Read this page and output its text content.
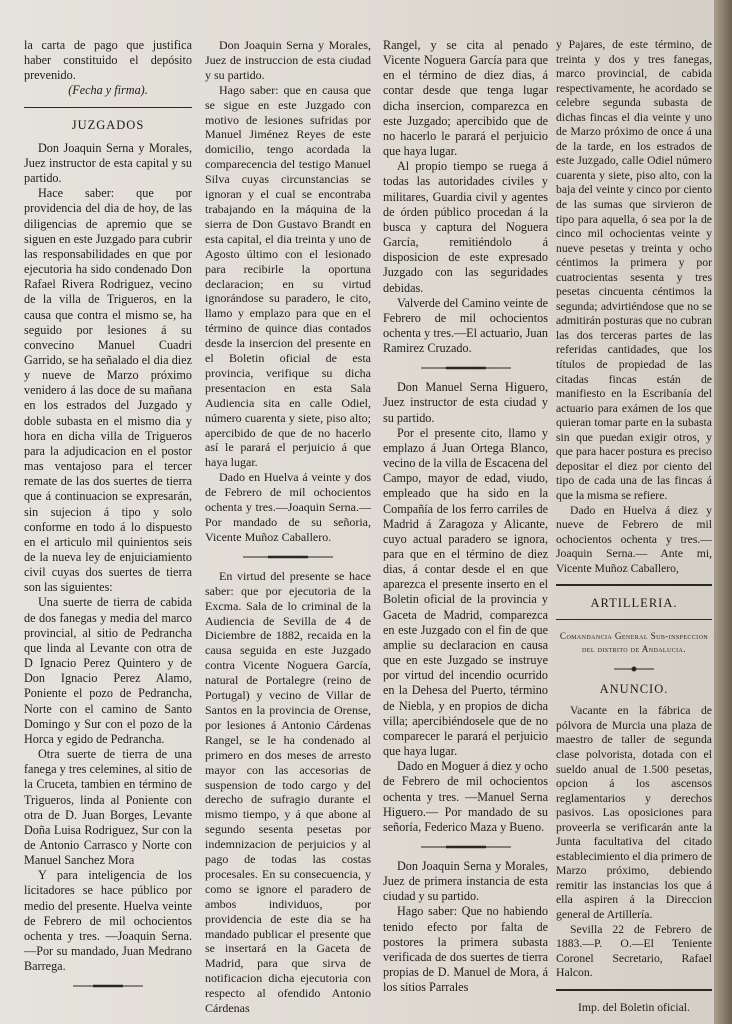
la carta de pago que justifica haber constituido el depósito prevenido.

(Fecha y firma).

JUZGADOS

Don Joaquin Serna y Morales, Juez instructor de esta capital y su partido.

Hace saber: que por providencia del dia de hoy, de las diligencias de apremio que se siguen en este Juzgado para cubrir las responsabilidades en que por ejecutoria ha sido condenado Don Rafael Rivera Rodriguez, vecino de la villa de Trigueros, en la causa que contra el mismo se, ha seguido por lesiones á su convecino Manuel Cuadri Garrido, se ha señalado el dia diez y nueve de Marzo próximo venidero á las doce de su mañana en los estrados del Juzgado y doble subasta en el mismo dia y hora en dicha villa de Trigueros para la adjudicacion en el postor mas ventajoso para el tercer remate de las dos suertes de tierra que á continuacion se expresarán, sin sujecion á tipo y solo conforme en todo á lo dispuesto en el articulo mil quinientos seis de la nueva ley de enjuiciamiento civil cuyas dos suertes de tierra son las siguientes:

Una suerte de tierra de cabida de dos fanegas y media del marco provincial, al sitio de Pedrancha que linda al Levante con otra de D Ignacio Perez Quintero y de Don Ignacio Perez Alamo, Poniente el pozo de Pedrancha, Norte con el camino de Santo Domingo y Sur con el pozo de la Horca y egido de Pedrancha.

Otra suerte de tierra de una fanega y tres celemines, al sitio de la Cruceta, tambien en término de Trigueros, linda al Poniente con otra de D. Juan Borges, Levante Doña Luisa Rodriguez, Sur con la de Antonio Carrasco y Norte con Manuel Sanchez Mora

Y para inteligencia de los licitadores se hace público por medio del presente. Huelva veinte de Febrero de mil ochocientos ochenta y tres. —Joaquin Serna.—Por su mandado, Juan Medrano Barrega.

Don Joaquin Serna y Morales, Juez de instruccion de esta ciudad y su partido.

Hago saber: que en causa que se sigue en este Juzgado con motivo de lesiones sufridas por Manuel Jiménez Reyes de este domicilio, tengo acordada la comparecencia del testigo Manuel Silva cuyas circunstancias se ignoran y el cual se encontraba trabajando en la máquina de la sierra de Don Gustavo Brandt en esta capital, el dia treinta y uno de Agosto último con el lesionado para recibirle la oportuna declaracion; en su virtud ignorándose su paradero, le cito, llamo y emplazo para que en el término de quince dias contados desde la insercion del presente en el Boletin oficial de esta provincia, verifique su dicha presentacion en esta Sala Audiencia sita en calle Odiel, número cuarenta y siete, piso alto; apercibido de que de no hacerlo así le parará el perjuicio á que haya lugar.

Dado en Huelva á veinte y dos de Febrero de mil ochocientos ochenta y tres.—Joaquin Serna.—Por mandado de su señoria, Vicente Muñoz Caballero.

En virtud del presente se hace saber: que por ejecutoria de la Excma. Sala de lo criminal de la Audiencia de Sevilla de 4 de Diciembre de 1882, recaida en la causa seguida en este Juzgado contra Vicente Noguera García, natural de Portalegre (reino de Portugal) y vecino de Villar de Santos en la provincia de Orense, por lesiones á Antonio Cárdenas Rangel, se le ha condenado al primero en dos meses de arresto mayor con las accesorias de suspension de todo cargo y del derecho de sufragio durante el mismo tiempo, y á que abone al segundo sesenta pesetas por indemnizacion de perjuicios y al pago de todas las costas procesales. En su consecuencia, y como se ignore el paradero de ambos individuos, por providencia de este dia se ha mandado publicar el presente que se insertará en la Gaceta de Madrid, para que sirva de notificacion dicha ejecutoria con respecto al ofendido Antonio Cárdenas

Rangel, y se cita al penado Vicente Noguera García para que en el término de diez dias, á contar desde que tenga lugar dicha insercion, comparezca en este Juzgado; apercibido que de no hacerlo le parará el perjuicio que haya lugar.

Al propio tiempo se ruega á todas las autoridades civiles y militares, Guardia civil y agentes de órden público procedan á la busca y captura del Noguera García, remitiéndolo á disposicion de este expresado Juzgado con las seguridades debidas.

Valverde del Camino veinte de Febrero de mil ochocientos ochenta y tres.—El actuario, Juan Ramirez Cruzado.

Don Manuel Serna Higuero, Juez instructor de esta ciudad y su partido.

Por el presente cito, llamo y emplazo á Juan Ortega Blanco, vecino de la villa de Escacena del Campo, mayor de edad, viudo, empleado que ha sido en la Compañía de los ferro carriles de Madrid á Zaragoza y Alicante, cuyo actual paradero se ignora, para que en el término de diez dias, á contar desde el en que aparezca el presente inserto en el Boletin oficial de la provincia y Gaceta de Madrid, comparezca en este Juzgado con el fin de que amplie su declaracion en causa que en este Juzgado se instruye por virtud del incendio ocurrido en la Dehesa del Puerto, término de Niebla, y en propios de dicha villa; apercibiéndosele que de no comparecer le parará el perjuicio que haya lugar.

Dado en Moguer á diez y ocho de Febrero de mil ochocientos ochenta y tres. —Manuel Serna Higuero.— Por mandado de su señoría, Federico Maza y Bueno.

Don Joaquin Serna y Morales, Juez de primera instancia de esta ciudad y su partido.

Hago saber: Que no habiendo tenido efecto por falta de postores la primera subasta verificada de dos suertes de tierra propias de D. Manuel de Mora, á los sitios Parrales

y Pajares, de este término, de treinta y dos y tres fanegas, marco provincial, de cabida respectivamente, he acordado se celebre segunda subasta de dichas fincas el dia veinte y uno de Marzo próximo de once á una de la tarde, en los estrados de este Juzgado, calle Odiel número cuarenta y siete, piso alto, con la baja del veinte y cinco por ciento de las sumas que sirvieron de tipo para aquella, ó sea por la de cinco mil ochocientas veinte y nueve pesetas y treinta y ocho céntimos la primera y por cuatrocientas sesenta y tres pesetas cincuenta céntimos la segunda; advirtiéndose que no se admitirán posturas que no cubran las dos terceras partes de las referidas cantidades, que los títulos de propiedad de las citadas fincas están de manifiesto en la Escribanía del actuario para exámen de los que quieran tomar parte en la subasta sin que puedan exigir otros, y que para hacer postura es preciso depositar el diez por ciento del tipo de cada una de las fincas á que la misma se refiere.

Dado en Huelva á diez y nueve de Febrero de mil ochocientos ochenta y tres.— Joaquin Serna.— Ante mi, Vicente Muñoz Caballero,

ARTILLERIA.
Comandancia General Sub-inspeccion del distrito de Andalucia.
ANUNCIO.

Vacante en la fábrica de pólvora de Murcia una plaza de maestro de taller de segunda clase polvorista, dotada con el sueldo anual de 1.500 pesetas, opcion á los ascensos reglamentarios y derechos pasivos. Las oposiciones para proveerla se verificarán ante la Junta facultativa del citado establecimiento el dia primero de Marzo próximo, debiendo remitir las instancias los que á ella aspiren á la Direccion general de Artillería.

Sevilla 22 de Febrero de 1883.—P. O.—El Teniente Coronel Secretario, Rafael Halcon.

Imp. del Boletin oficial.
